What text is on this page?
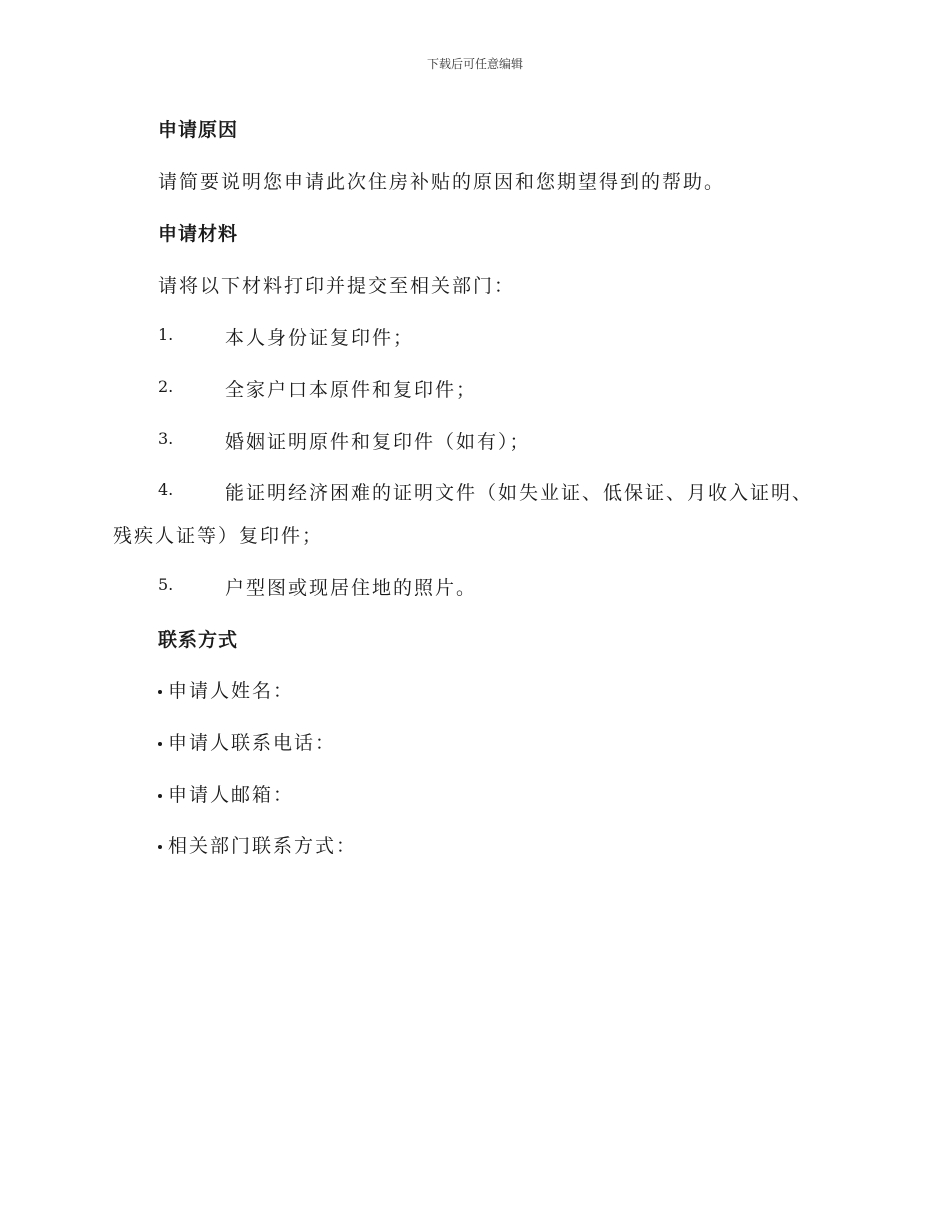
下载后可任意编辑
申请原因
请简要说明您申请此次住房补贴的原因和您期望得到的帮助。
申请材料
请将以下材料打印并提交至相关部门：
1.	本人身份证复印件；
2.	全家户口本原件和复印件；
3.	婚姻证明原件和复印件（如有）；
4.	能证明经济困难的证明文件（如失业证、低保证、月收入证明、
残疾人证等）复印件；
5.	户型图或现居住地的照片。
联系方式
申请人姓名：
申请人联系电话：
申请人邮箱：
相关部门联系方式：
